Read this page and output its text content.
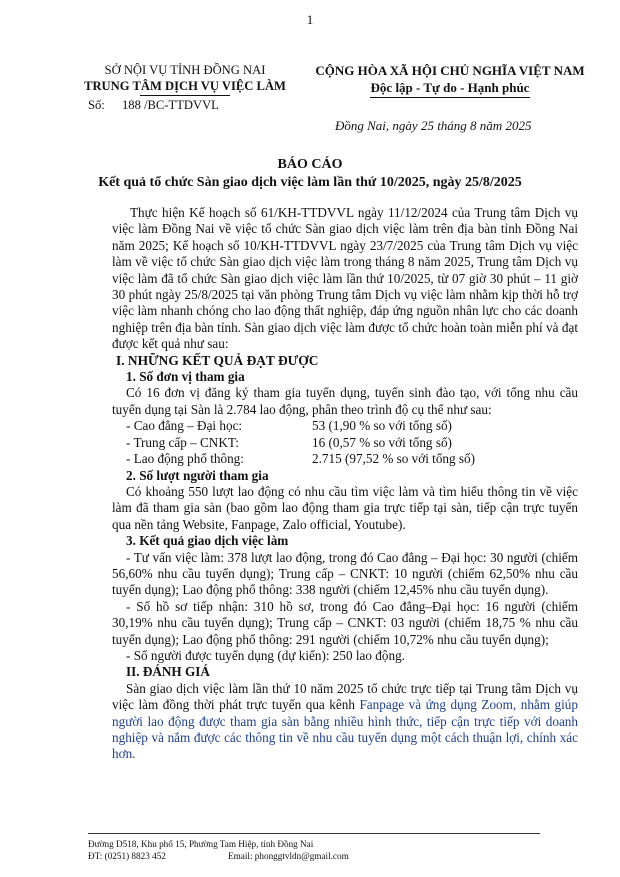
1
SỞ NỘI VỤ TỈNH ĐỒNG NAI
TRUNG TÂM DỊCH VỤ VIỆC LÀM
Số: 188 /BC-TTDVVL
CỘNG HÒA XÃ HỘI CHỦ NGHĨA VIỆT NAM
Độc lập - Tự do - Hạnh phúc
Đồng Nai, ngày 25 tháng 8 năm 2025
BÁO CÁO
Kết quả tổ chức Sàn giao dịch việc làm lần thứ 10/2025, ngày 25/8/2025

Thực hiện Kế hoạch số 61/KH-TTDVVL ngày 11/12/2024 của Trung tâm Dịch vụ việc làm Đồng Nai về việc tổ chức Sàn giao dịch việc làm trên địa bàn tỉnh Đồng Nai năm 2025; Kế hoạch số 10/KH-TTDVVL ngày 23/7/2025 của Trung tâm Dịch vụ việc làm về việc tổ chức Sàn giao dịch việc làm trong tháng 8 năm 2025, Trung tâm Dịch vụ việc làm đã tổ chức Sàn giao dịch việc làm lần thứ 10/2025, từ 07 giờ 30 phút – 11 giờ 30 phút ngày 25/8/2025 tại văn phòng Trung tâm Dịch vụ việc làm nhằm kịp thời hỗ trợ việc làm nhanh chóng cho lao động thất nghiệp, đáp ứng nguồn nhân lực cho các doanh nghiệp trên địa bàn tỉnh. Sàn giao dịch việc làm được tổ chức hoàn toàn miễn phí và đạt được kết quả như sau:

I. NHỮNG KẾT QUẢ ĐẠT ĐƯỢC

1. Số đơn vị tham gia

Có 16 đơn vị đăng ký tham gia tuyển dụng, tuyển sinh đào tạo, với tổng nhu cầu tuyển dụng tại Sàn là 2.784 lao động, phân theo trình độ cụ thể như sau:

- Cao đẳng – Đại học:	53 (1,90 % so với tổng số)
- Trung cấp – CNKT:	16 (0,57 % so với tổng số)
- Lao động phổ thông:	2.715 (97,52 % so với tổng số)

2. Số lượt người tham gia

Có khoảng 550 lượt lao động có nhu cầu tìm việc làm và tìm hiểu thông tin về việc làm đã tham gia sàn (bao gồm lao động tham gia trực tiếp tại sàn, tiếp cận trực tuyến qua nền tảng Website, Fanpage, Zalo official, Youtube).

3. Kết quả giao dịch việc làm

- Tư vấn việc làm: 378 lượt lao động, trong đó Cao đẳng – Đại học: 30 người (chiếm 56,60% nhu cầu tuyển dụng); Trung cấp – CNKT: 10 người (chiếm 62,50% nhu cầu tuyển dụng); Lao động phổ thông: 338 người (chiếm 12,45% nhu cầu tuyển dụng).

- Số hồ sơ tiếp nhận: 310 hồ sơ, trong đó Cao đẳng–Đại học: 16 người (chiếm 30,19% nhu cầu tuyển dụng); Trung cấp – CNKT: 03 người (chiếm 18,75 % nhu cầu tuyển dụng); Lao động phổ thông: 291 người (chiếm 10,72% nhu cầu tuyển dụng);

- Số người được tuyển dụng (dự kiến): 250 lao động.

II. ĐÁNH GIÁ

Sàn giao dịch việc làm lần thứ 10 năm 2025 tổ chức trực tiếp tại Trung tâm Dịch vụ việc làm đồng thời phát trực tuyến qua kênh Fanpage và ứng dụng Zoom, nhằm giúp người lao động được tham gia sàn bằng nhiều hình thức, tiếp cận trực tiếp với doanh nghiệp và nắm được các thông tin về nhu cầu tuyển dụng một cách thuận lợi, chính xác hơn.

Đường D518, Khu phố 15, Phường Tam Hiệp, tỉnh Đồng Nai
ĐT: (0251) 8823 452	Email: phonggtvldn@gmail.com
